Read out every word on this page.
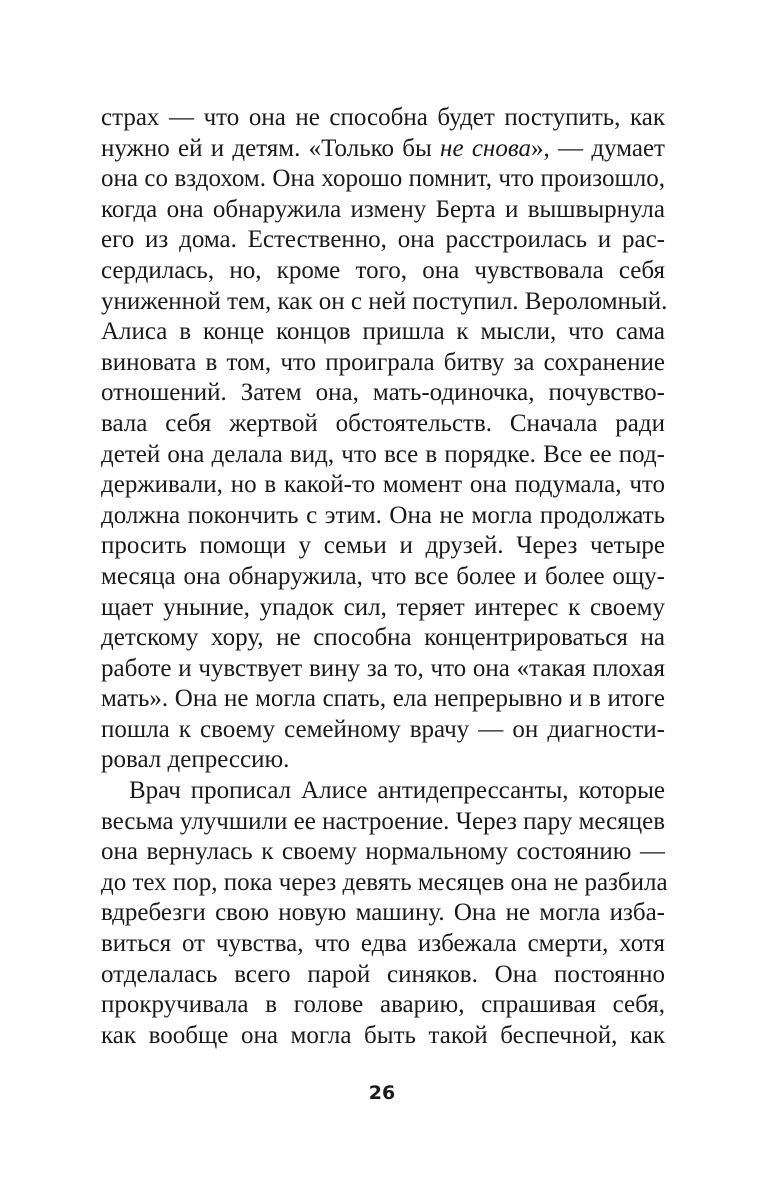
страх — что она не способна будет поступить, как
нужно ей и детям. «Только бы не снова», — думает
она со вздохом. Она хорошо помнит, что произошло,
когда она обнаружила измену Берта и вышвырнула
его из дома. Естественно, она расстроилась и рас-
сердилась, но, кроме того, она чувствовала себя
униженной тем, как он с ней поступил. Вероломный.
Алиса в конце концов пришла к мысли, что сама
виновата в том, что проиграла битву за сохранение
отношений. Затем она, мать-одиночка, почувство-
вала себя жертвой обстоятельств. Сначала ради
детей она делала вид, что все в порядке. Все ее под-
держивали, но в какой-то момент она подумала, что
должна покончить с этим. Она не могла продолжать
просить помощи у семьи и друзей. Через четыре
месяца она обнаружила, что все более и более ощу-
щает уныние, упадок сил, теряет интерес к своему
детскому хору, не способна концентрироваться на
работе и чувствует вину за то, что она «такая плохая
мать». Она не могла спать, ела непрерывно и в итоге
пошла к своему семейному врачу — он диагности-
ровал депрессию.
Врач прописал Алисе антидепрессанты, которые
весьма улучшили ее настроение. Через пару месяцев
она вернулась к своему нормальному состоянию —
до тех пор, пока через девять месяцев она не разбила
вдребезги свою новую машину. Она не могла изба-
виться от чувства, что едва избежала смерти, хотя
отделалась всего парой синяков. Она постоянно
прокручивала в голове аварию, спрашивая себя,
как вообще она могла быть такой беспечной, как
26
